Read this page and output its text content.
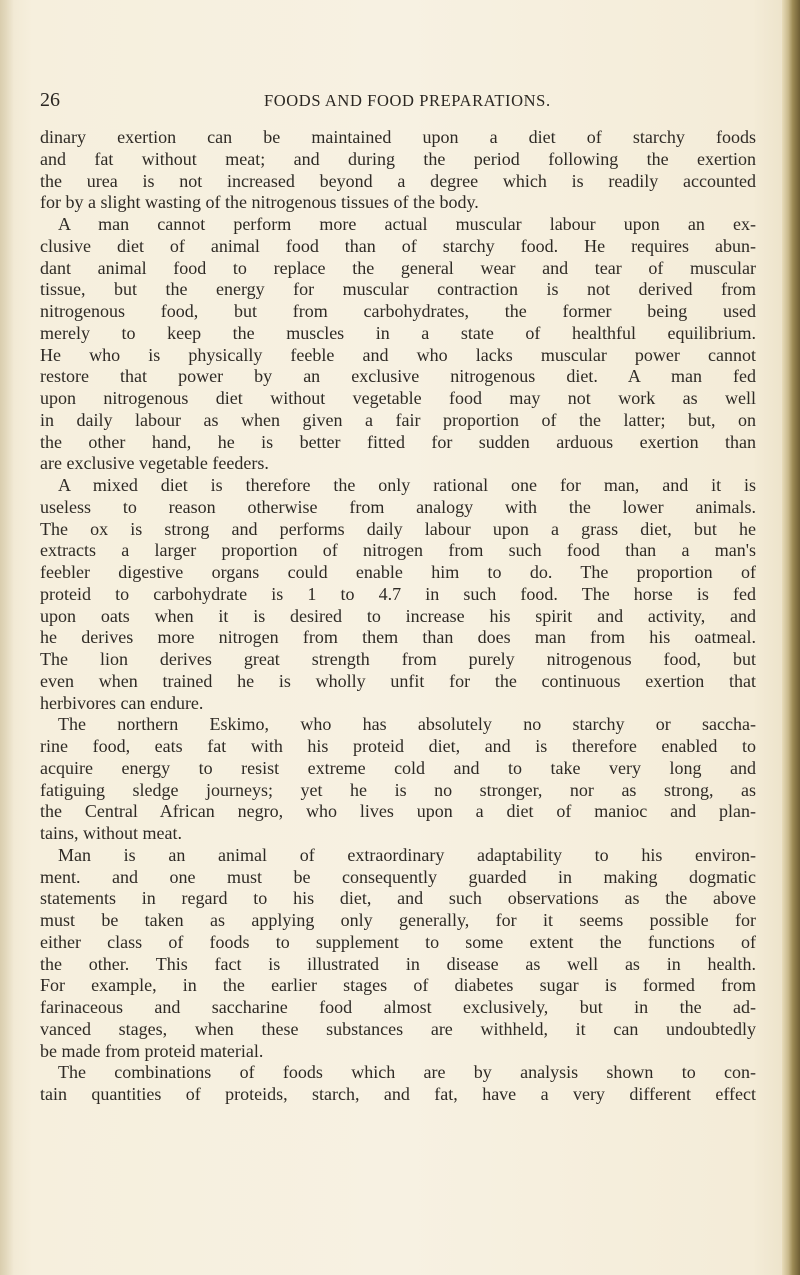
26	FOODS AND FOOD PREPARATIONS.
dinary exertion can be maintained upon a diet of starchy foods
and fat without meat; and during the period following the exertion
the urea is not increased beyond a degree which is readily accounted
for by a slight wasting of the nitrogenous tissues of the body.
A man cannot perform more actual muscular labour upon an ex-
clusive diet of animal food than of starchy food. He requires abun-
dant animal food to replace the general wear and tear of muscular
tissue, but the energy for muscular contraction is not derived from
nitrogenous food, but from carbohydrates, the former being used
merely to keep the muscles in a state of healthful equilibrium.
He who is physically feeble and who lacks muscular power cannot
restore that power by an exclusive nitrogenous diet. A man fed
upon nitrogenous diet without vegetable food may not work as well
in daily labour as when given a fair proportion of the latter; but, on
the other hand, he is better fitted for sudden arduous exertion than
are exclusive vegetable feeders.
A mixed diet is therefore the only rational one for man, and it is
useless to reason otherwise from analogy with the lower animals.
The ox is strong and performs daily labour upon a grass diet, but he
extracts a larger proportion of nitrogen from such food than a man's
feebler digestive organs could enable him to do. The proportion of
proteid to carbohydrate is 1 to 4.7 in such food. The horse is fed
upon oats when it is desired to increase his spirit and activity, and
he derives more nitrogen from them than does man from his oatmeal.
The lion derives great strength from purely nitrogenous food, but
even when trained he is wholly unfit for the continuous exertion that
herbivores can endure.
The northern Eskimo, who has absolutely no starchy or saccha-
rine food, eats fat with his proteid diet, and is therefore enabled to
acquire energy to resist extreme cold and to take very long and
fatiguing sledge journeys; yet he is no stronger, nor as strong, as
the Central African negro, who lives upon a diet of manioc and plan-
tains, without meat.
Man is an animal of extraordinary adaptability to his environ-
ment. and one must be consequently guarded in making dogmatic
statements in regard to his diet, and such observations as the above
must be taken as applying only generally, for it seems possible for
either class of foods to supplement to some extent the functions of
the other. This fact is illustrated in disease as well as in health.
For example, in the earlier stages of diabetes sugar is formed from
farinaceous and saccharine food almost exclusively, but in the ad-
vanced stages, when these substances are withheld, it can undoubtedly
be made from proteid material.
The combinations of foods which are by analysis shown to con-
tain quantities of proteids, starch, and fat, have a very different effect
